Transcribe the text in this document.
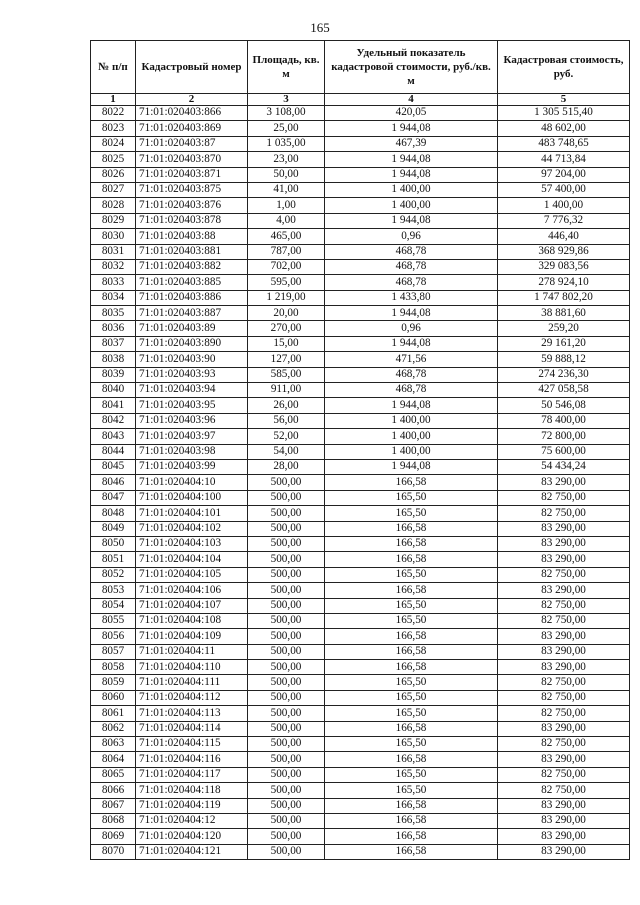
165
№ п/п	Кадастровый номер	Площадь, кв. м	Удельный показатель кадастровой стоимости, руб./кв. м	Кадастровая стоимость, руб.
1	2	3	4	5
8022	71:01:020403:866	3 108,00	420,05	1 305 515,40
8023	71:01:020403:869	25,00	1 944,08	48 602,00
8024	71:01:020403:87	1 035,00	467,39	483 748,65
8025	71:01:020403:870	23,00	1 944,08	44 713,84
8026	71:01:020403:871	50,00	1 944,08	97 204,00
8027	71:01:020403:875	41,00	1 400,00	57 400,00
8028	71:01:020403:876	1,00	1 400,00	1 400,00
8029	71:01:020403:878	4,00	1 944,08	7 776,32
8030	71:01:020403:88	465,00	0,96	446,40
8031	71:01:020403:881	787,00	468,78	368 929,86
8032	71:01:020403:882	702,00	468,78	329 083,56
8033	71:01:020403:885	595,00	468,78	278 924,10
8034	71:01:020403:886	1 219,00	1 433,80	1 747 802,20
8035	71:01:020403:887	20,00	1 944,08	38 881,60
8036	71:01:020403:89	270,00	0,96	259,20
8037	71:01:020403:890	15,00	1 944,08	29 161,20
8038	71:01:020403:90	127,00	471,56	59 888,12
8039	71:01:020403:93	585,00	468,78	274 236,30
8040	71:01:020403:94	911,00	468,78	427 058,58
8041	71:01:020403:95	26,00	1 944,08	50 546,08
8042	71:01:020403:96	56,00	1 400,00	78 400,00
8043	71:01:020403:97	52,00	1 400,00	72 800,00
8044	71:01:020403:98	54,00	1 400,00	75 600,00
8045	71:01:020403:99	28,00	1 944,08	54 434,24
8046	71:01:020404:10	500,00	166,58	83 290,00
8047	71:01:020404:100	500,00	165,50	82 750,00
8048	71:01:020404:101	500,00	165,50	82 750,00
8049	71:01:020404:102	500,00	166,58	83 290,00
8050	71:01:020404:103	500,00	166,58	83 290,00
8051	71:01:020404:104	500,00	166,58	83 290,00
8052	71:01:020404:105	500,00	165,50	82 750,00
8053	71:01:020404:106	500,00	166,58	83 290,00
8054	71:01:020404:107	500,00	165,50	82 750,00
8055	71:01:020404:108	500,00	165,50	82 750,00
8056	71:01:020404:109	500,00	166,58	83 290,00
8057	71:01:020404:11	500,00	166,58	83 290,00
8058	71:01:020404:110	500,00	166,58	83 290,00
8059	71:01:020404:111	500,00	165,50	82 750,00
8060	71:01:020404:112	500,00	165,50	82 750,00
8061	71:01:020404:113	500,00	165,50	82 750,00
8062	71:01:020404:114	500,00	166,58	83 290,00
8063	71:01:020404:115	500,00	165,50	82 750,00
8064	71:01:020404:116	500,00	166,58	83 290,00
8065	71:01:020404:117	500,00	165,50	82 750,00
8066	71:01:020404:118	500,00	165,50	82 750,00
8067	71:01:020404:119	500,00	166,58	83 290,00
8068	71:01:020404:12	500,00	166,58	83 290,00
8069	71:01:020404:120	500,00	166,58	83 290,00
8070	71:01:020404:121	500,00	166,58	83 290,00
